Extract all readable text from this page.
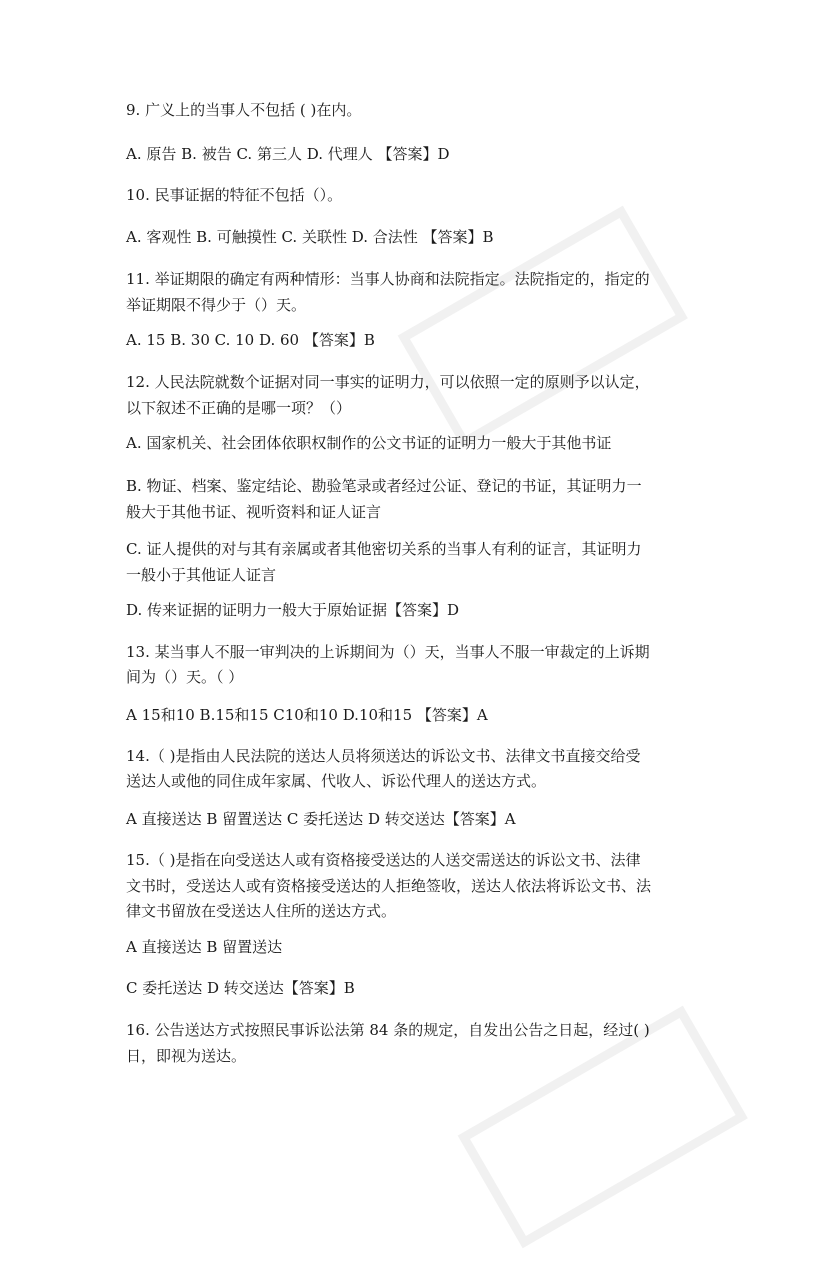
9. 广义上的当事人不包括 ( )在内。
A. 原告 B. 被告 C. 第三人 D. 代理人 【答案】D
10. 民事证据的特征不包括（）。
A. 客观性 B. 可触摸性 C. 关联性 D. 合法性 【答案】B
11. 举证期限的确定有两种情形：当事人协商和法院指定。法院指定的，指定的
举证期限不得少于（）天。
A. 15 B. 30 C. 10 D. 60 【答案】B
12. 人民法院就数个证据对同一事实的证明力，可以依照一定的原则予以认定，
以下叙述不正确的是哪一项？（）
A. 国家机关、社会团体依职权制作的公文书证的证明力一般大于其他书证
B. 物证、档案、鉴定结论、勘验笔录或者经过公证、登记的书证，其证明力一
般大于其他书证、视听资料和证人证言
C. 证人提供的对与其有亲属或者其他密切关系的当事人有利的证言，其证明力
一般小于其他证人证言
D. 传来证据的证明力一般大于原始证据【答案】D
13. 某当事人不服一审判决的上诉期间为（）天，当事人不服一审裁定的上诉期
间为（）天。（ ）
A 15和10 B.15和15 C10和10 D.10和15 【答案】A
14.（ )是指由人民法院的送达人员将须送达的诉讼文书、法律文书直接交给受
送达人或他的同住成年家属、代收人、诉讼代理人的送达方式。
A 直接送达 B 留置送达 C 委托送达 D 转交送达【答案】A
15.（ )是指在向受送达人或有资格接受送达的人送交需送达的诉讼文书、法律
文书时，受送达人或有资格接受送达的人拒绝签收，送达人依法将诉讼文书、法
律文书留放在受送达人住所的送达方式。
A 直接送达 B 留置送达
C 委托送达 D 转交送达【答案】B
16. 公告送达方式按照民事诉讼法第 84 条的规定，自发出公告之日起，经过( )
日，即视为送达。
